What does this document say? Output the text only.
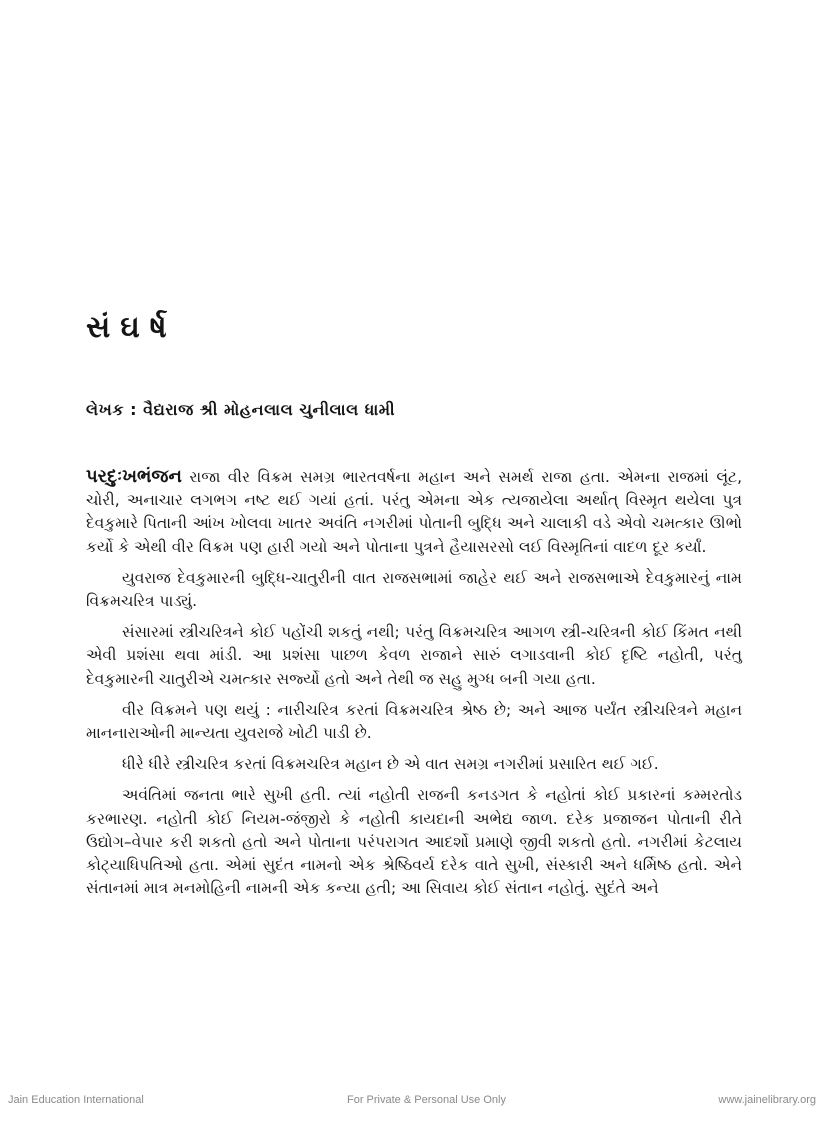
સંઘર્ષ
લેખક : વૈદ્યરાજ શ્રી મોહનલાલ ચુનીલાલ ધામી

પરદુઃખભંજન રાજા વીર વિક્રમ સમગ્ર ભારતવર્ષના મહાન અને સમર્થ રાજા હતા. એમના રાજમાં લૂંટ, ચોરી, અનાચાર લગભગ નષ્ટ થઈ ગયાં હતાં. પરંતુ એમના એક ત્યજાયેલા અર્થાત્ વિસ્મૃત થયેલા પુત્ર દેવકુમારે પિતાની આંખ ખોલવા ખાતર અવંતિ નગરીમાં પોતાની બુદ્ધિ અને ચાલાકી વડે એવો ચમત્કાર ઊભો કર્યો કે એથી વીર વિક્રમ પણ હારી ગયો અને પોતાના પુત્રને હૈયાસરસો લઈ વિસ્મૃતિનાં વાદળ દૂર કર્યાં.

યુવરાજ દેવકુમારની બુદ્ધિ-ચાતુરીની વાત રાજસભામાં જાહેર થઈ અને રાજસભાએ દેવકુમારનું નામ વિક્રમચરિત્ર પાડ્યું.

સંસારમાં સ્ત્રીચરિત્રને કોઈ પહોંચી શકતું નથી; પરંતુ વિક્રમચરિત્ર આગળ સ્ત્રી-ચરિત્રની કોઈ કિંમત નથી એવી પ્રશંસા થવા માંડી. આ પ્રશંસા પાછળ કેવળ રાજાને સારું લગાડવાની કોઈ દૃષ્ટિ નહોતી, પરંતુ દેવકુમારની ચાતુરીએ ચમત્કાર સર્જ્યો હતો અને તેથી જ સહુ મુગ્ધ બની ગયા હતા.

વીર વિક્રમને પણ થયું : નારીચરિત્ર કરતાં વિક્રમચરિત્ર શ્રેષ્ઠ છે; અને આજ પર્યંત સ્ત્રીચરિત્રને મહાન માનનારાઓની માન્યતા યુવરાજે ખોટી પાડી છે.

ધીરે ધીરે સ્ત્રીચરિત્ર કરતાં વિક્રમચરિત્ર મહાન છે એ વાત સમગ્ર નગરીમાં પ્રસારિત થઈ ગઈ.

અવંતિમાં જનતા ભારે સુખી હતી. ત્યાં નહોતી રાજની કનડગત કે નહોતાં કોઈ પ્રકારનાં કમ્મરતોડ કરભારણ. નહોતી કોઈ નિયમ-જંજીરો કે નહોતી કાયદાની અભેદ્ય જાળ. દરેક પ્રજાજન પોતાની રીતે ઉદ્યોગ–વેપાર કરી શકતો હતો અને પોતાના પરંપરાગત આદર્શો પ્રમાણે જીવી શકતો હતો. નગરીમાં કેટલાય કોટ્યાધિપતિઓ હતા. એમાં સુદંત નામનો એક શ્રેષ્ઠિવર્ય દરેક વાતે સુખી, સંસ્કારી અને ધર્મિષ્ઠ હતો. એને સંતાનમાં માત્ર મનમોહિની નામની એક કન્યા હતી; આ સિવાય કોઈ સંતાન નહોતું. સુદંતે અને

Jain Education International	For Private & Personal Use Only	www.jainelibrary.org
